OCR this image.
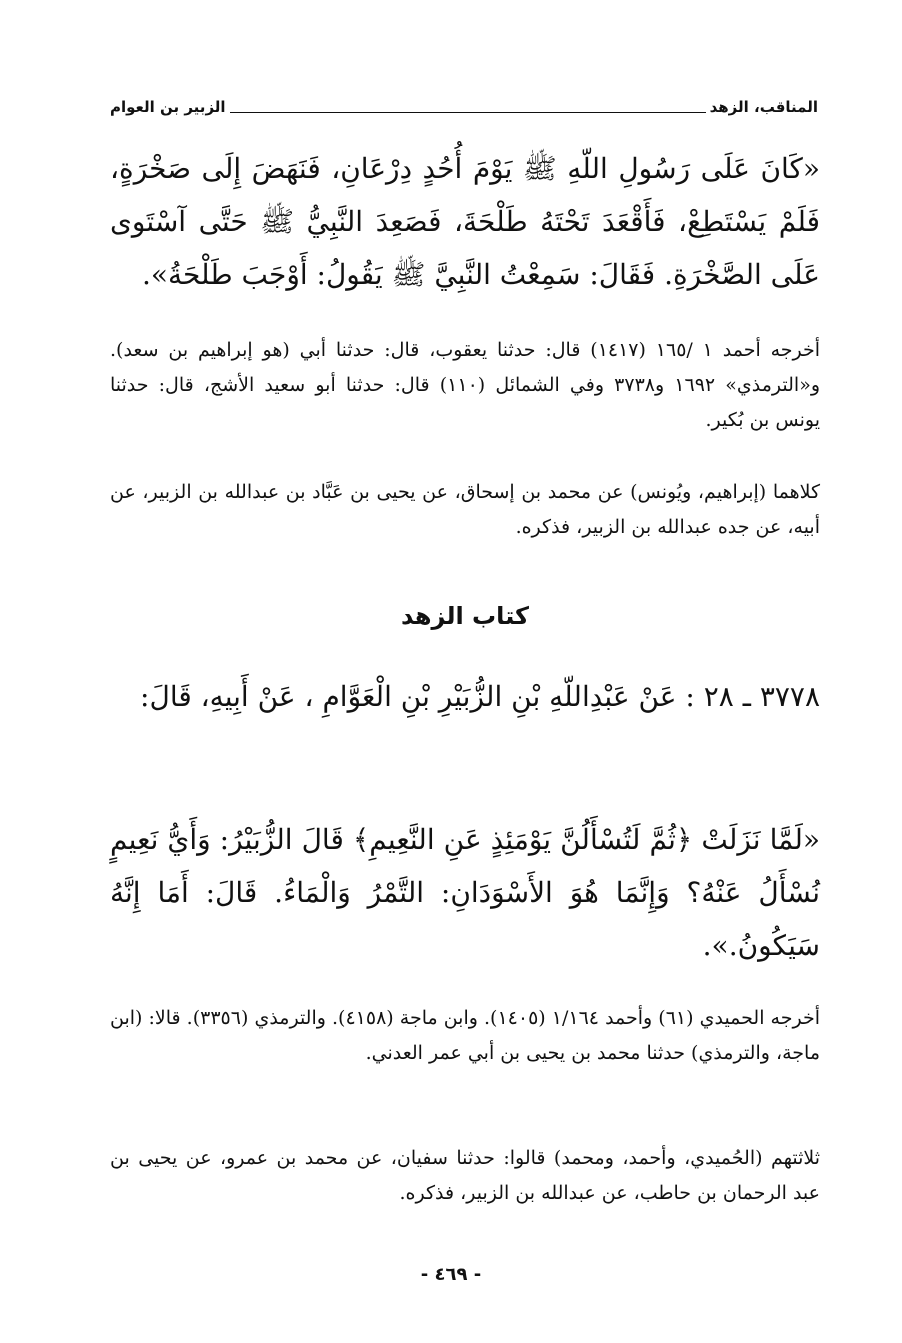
المناقب، الزهد
الزبير بن العوام
«كَانَ عَلَى رَسُولِ اللّهِ ﷺ يَوْمَ أُحُدٍ دِرْعَانِ، فَنَهَضَ إِلَى صَخْرَةٍ، فَلَمْ يَسْتَطِعْ، فَأَقْعَدَ تَحْتَهُ طَلْحَةَ، فَصَعِدَ النَّبِيُّ ﷺ حَتَّى آسْتَوى عَلَى الصَّخْرَةِ. فَقَالَ: سَمِعْتُ النَّبِيَّ ﷺ يَقُولُ: أَوْجَبَ طَلْحَةُ».
أخرجه أحمد ١ /١٦٥ (١٤١٧) قال: حدثنا يعقوب، قال: حدثنا أبي (هو إبراهيم بن سعد). و«الترمذي» ١٦٩٢ و٣٧٣٨ وفي الشمائل (١١٠) قال: حدثنا أبو سعيد الأشج، قال: حدثنا يونس بن بُكير.
كلاهما (إبراهيم، ويُونس) عن محمد بن إسحاق، عن يحيى بن عَبَّاد بن عبدالله بن الزبير، عن أبيه، عن جده عبدالله بن الزبير، فذكره.
كتاب الزهد
٣٧٧٨ ـ ٢٨ : عَنْ عَبْدِاللّهِ بْنِ الزُّبَيْرِ بْنِ الْعَوَّامِ ، عَنْ أَبِيهِ، قَالَ:
«لَمَّا نَزَلَتْ ﴿ثُمَّ لَتُسْأَلُنَّ يَوْمَئِذٍ عَنِ النَّعِيمِ﴾ قَالَ الزُّبَيْرُ: وَأَيُّ نَعِيمٍ نُسْأَلُ عَنْهُ؟ وَإِنَّمَا هُوَ الأَسْوَدَانِ: التَّمْرُ وَالْمَاءُ. قَالَ: أَمَا إِنَّهُ سَيَكُونُ.».
أخرجه الحميدي (٦١) وأحمد ١/١٦٤ (١٤٠٥). وابن ماجة (٤١٥٨). والترمذي (٣٣٥٦). قالا: (ابن ماجة، والترمذي) حدثنا محمد بن يحيى بن أبي عمر العدني.
ثلاثتهم (الحُميدي، وأحمد، ومحمد) قالوا: حدثنا سفيان، عن محمد بن عمرو، عن يحيى بن عبد الرحمان بن حاطب، عن عبدالله بن الزبير، فذكره.
- ٤٦٩ -
